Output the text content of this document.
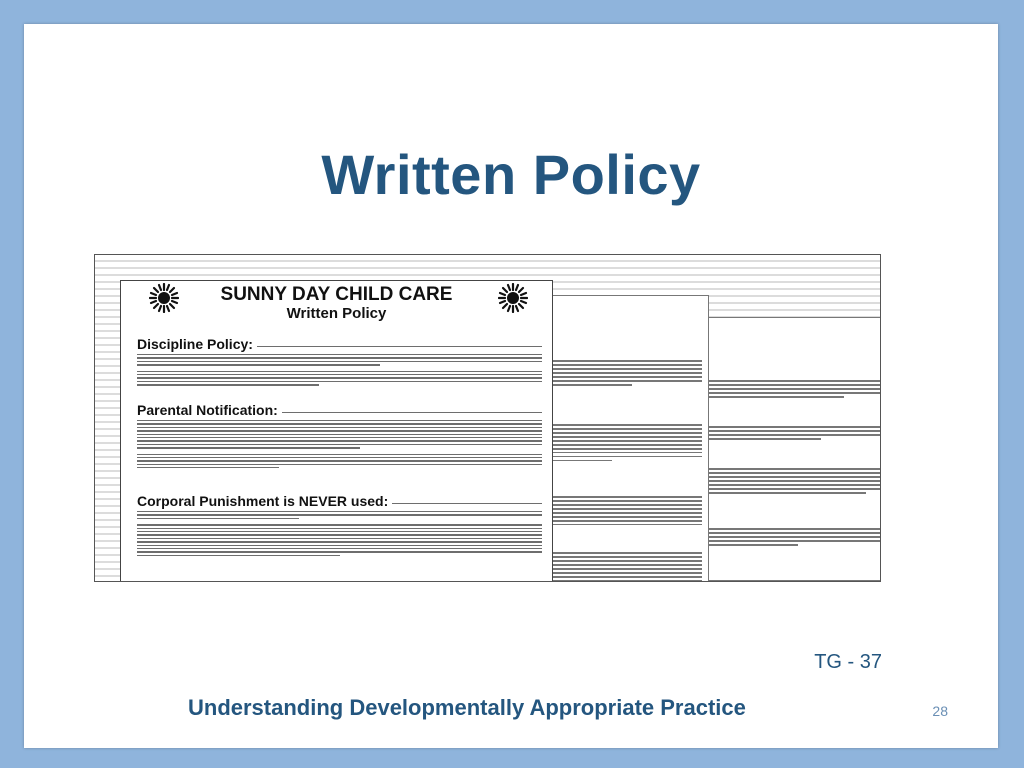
Written Policy
SUNNY DAY CHILD CARE
Written Policy
Discipline Policy:
Parental Notification:
Corporal Punishment is NEVER used:
TG - 37
Understanding Developmentally Appropriate Practice	28
